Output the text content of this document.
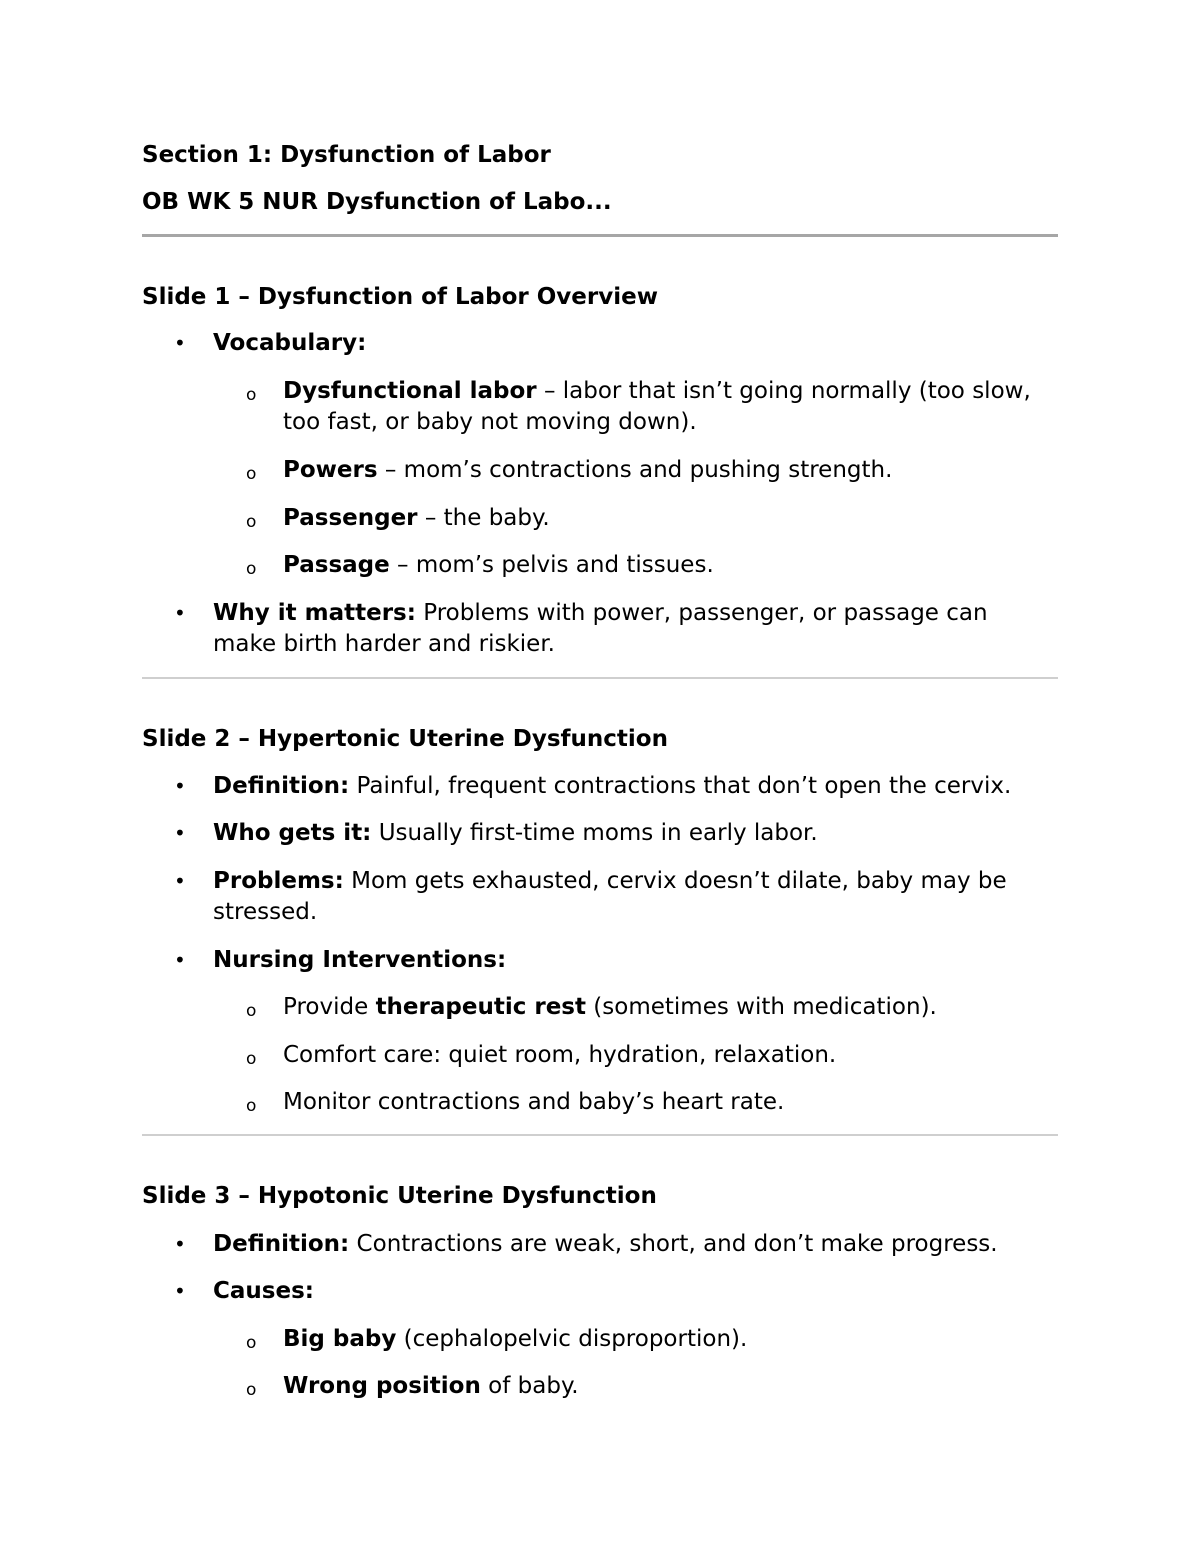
Section 1: Dysfunction of Labor
OB WK 5 NUR Dysfunction of Labo...
Slide 1 – Dysfunction of Labor Overview
• Vocabulary:
o Dysfunctional labor – labor that isn’t going normally (too slow, too fast, or baby not moving down).
o Powers – mom’s contractions and pushing strength.
o Passenger – the baby.
o Passage – mom’s pelvis and tissues.
• Why it matters: Problems with power, passenger, or passage can make birth harder and riskier.
Slide 2 – Hypertonic Uterine Dysfunction
• Definition: Painful, frequent contractions that don’t open the cervix.
• Who gets it: Usually first-time moms in early labor.
• Problems: Mom gets exhausted, cervix doesn’t dilate, baby may be stressed.
• Nursing Interventions:
o Provide therapeutic rest (sometimes with medication).
o Comfort care: quiet room, hydration, relaxation.
o Monitor contractions and baby’s heart rate.
Slide 3 – Hypotonic Uterine Dysfunction
• Definition: Contractions are weak, short, and don’t make progress.
• Causes:
o Big baby (cephalopelvic disproportion).
o Wrong position of baby.
